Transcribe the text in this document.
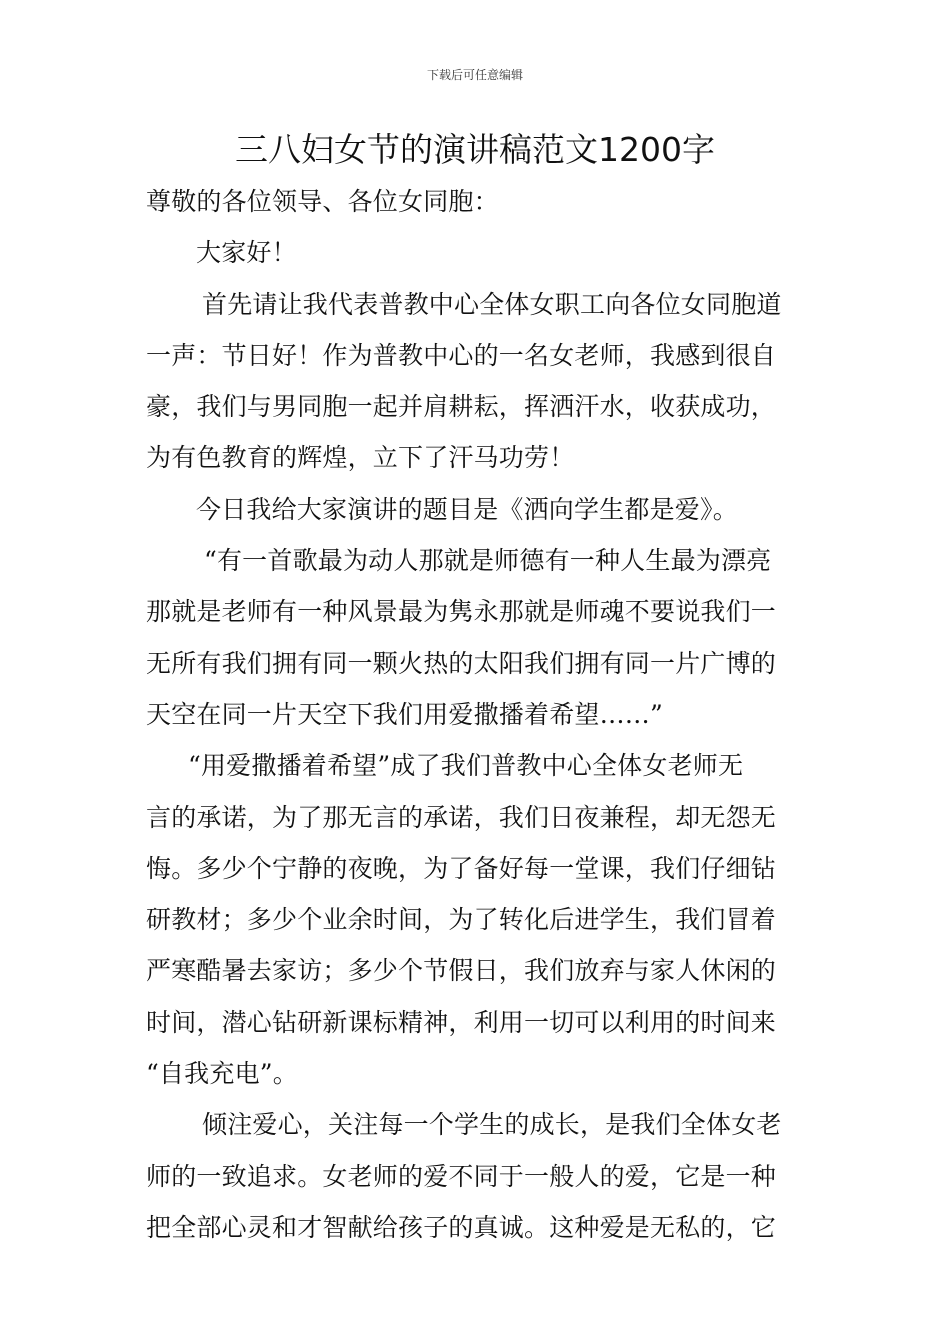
下载后可任意编辑
三八妇女节的演讲稿范文1200字
尊敬的各位领导、各位女同胞：
大家好！
首先请让我代表普教中心全体女职工向各位女同胞道
一声：节日好！作为普教中心的一名女老师，我感到很自
豪，我们与男同胞一起并肩耕耘，挥洒汗水，收获成功，
为有色教育的辉煌，立下了汗马功劳！
今日我给大家演讲的题目是《洒向学生都是爱》。
“有一首歌最为动人那就是师德有一种人生最为漂亮
那就是老师有一种风景最为隽永那就是师魂不要说我们一
无所有我们拥有同一颗火热的太阳我们拥有同一片广博的
天空在同一片天空下我们用爱撒播着希望……”
“用爱撒播着希望”成了我们普教中心全体女老师无
言的承诺，为了那无言的承诺，我们日夜兼程，却无怨无
悔。多少个宁静的夜晚，为了备好每一堂课，我们仔细钻
研教材；多少个业余时间，为了转化后进学生，我们冒着
严寒酷暑去家访；多少个节假日，我们放弃与家人休闲的
时间，潜心钻研新课标精神，利用一切可以利用的时间来
“自我充电”。
倾注爱心，关注每一个学生的成长，是我们全体女老
师的一致追求。女老师的爱不同于一般人的爱，它是一种
把全部心灵和才智献给孩子的真诚。这种爱是无私的，它
